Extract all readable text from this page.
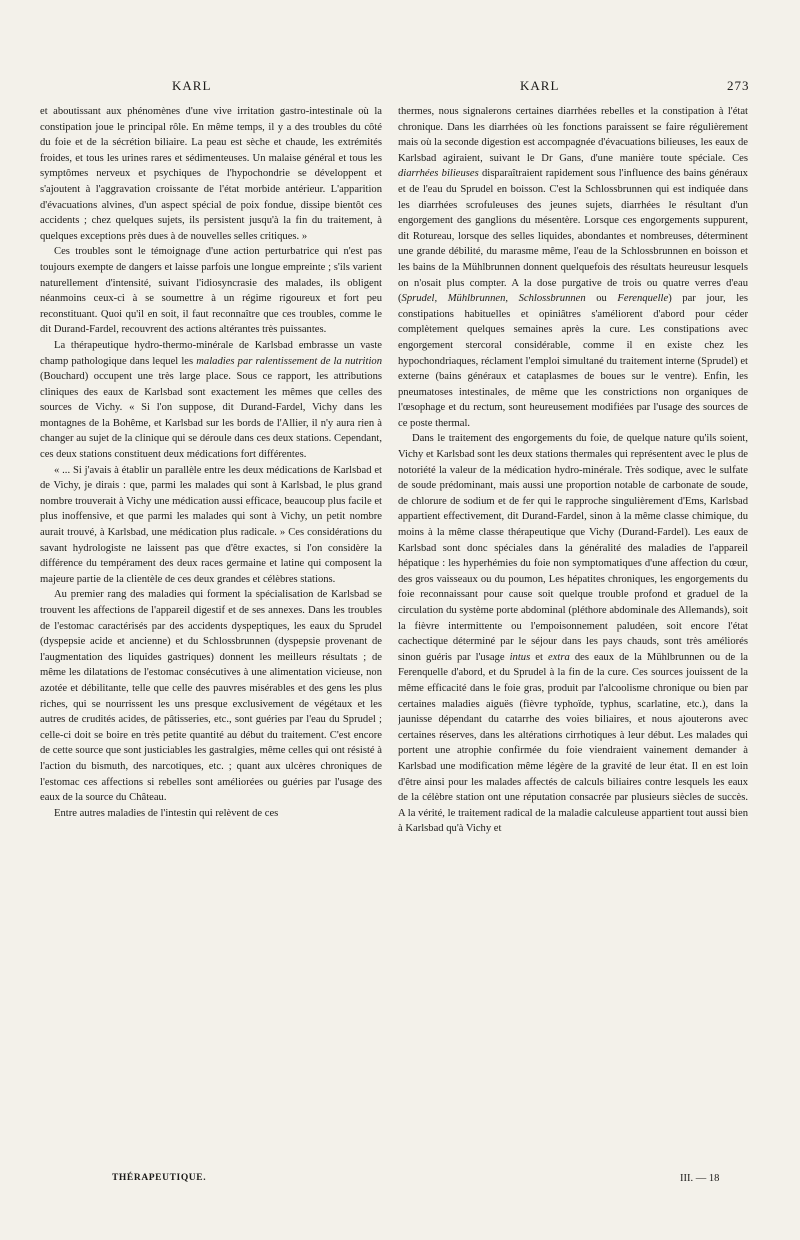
KARL	KARL	273

et aboutissant aux phénomènes d'une vive irritation gastro-intestinale où la constipation joue le principal rôle. En même temps, il y a des troubles du côté du foie et de la sécrétion biliaire. La peau est sèche et chaude, les extrémités froides, et tous les urines rares et sédimenteuses. Un malaise général et tous les symptômes nerveux et psychiques de l'hypochondrie se développent et s'ajoutent à l'aggravation croissante de l'état morbide antérieur. L'apparition d'évacuations alvines, d'un aspect spécial de poix fondue, dissipe bientôt ces accidents ; chez quelques sujets, ils persistent jusqu'à la fin du traitement, à quelques exceptions près dues à de nouvelles selles critiques. »

Ces troubles sont le témoignage d'une action perturbatrice qui n'est pas toujours exempte de dangers et laisse parfois une longue empreinte ; s'ils varient naturellement d'intensité, suivant l'idiosyncrasie des malades, ils obligent néanmoins ceux-ci à se soumettre à un régime rigoureux et fort peu reconstituant. Quoi qu'il en soit, il faut reconnaître que ces troubles, comme le dit Durand-Fardel, recouvrent des actions altérantes très puissantes.

La thérapeutique hydro-thermo-minérale de Karlsbad embrasse un vaste champ pathologique dans lequel les maladies par ralentissement de la nutrition (Bouchard) occupent une très large place. Sous ce rapport, les attributions cliniques des eaux de Karlsbad sont exactement les mêmes que celles des sources de Vichy. « Si l'on suppose, dit Durand-Fardel, Vichy dans les montagnes de la Bohême, et Karlsbad sur les bords de l'Allier, il n'y aura rien à changer au sujet de la clinique qui se déroule dans ces deux stations. Cependant, ces deux stations constituent deux médications fort différentes.

« ... Si j'avais à établir un parallèle entre les deux médications de Karlsbad et de Vichy, je dirais : que, parmi les malades qui sont à Karlsbad, le plus grand nombre trouverait à Vichy une médication aussi efficace, beaucoup plus facile et plus inoffensive, et que parmi les malades qui sont à Vichy, un petit nombre aurait trouvé, à Karlsbad, une médication plus radicale. » Ces considérations du savant hydrologiste ne laissent pas que d'être exactes, si l'on considère la différence du tempérament des deux races germaine et latine qui composent la majeure partie de la clientèle de ces deux grandes et célèbres stations.

Au premier rang des maladies qui forment la spécialisation de Karlsbad se trouvent les affections de l'appareil digestif et de ses annexes. Dans les troubles de l'estomac caractérisés par des accidents dyspeptiques, les eaux du Sprudel (dyspepsie acide et ancienne) et du Schlossbrunnen (dyspepsie provenant de l'augmentation des liquides gastriques) donnent les meilleurs résultats ; de même les dilatations de l'estomac consécutives à une alimentation vicieuse, non azotée et débilitante, telle que celle des pauvres misérables et des gens les plus riches, qui se nourrissent les uns presque exclusivement de végétaux et les autres de crudités acides, de pâtisseries, etc., sont guéries par l'eau du Sprudel ; celle-ci doit se boire en très petite quantité au début du traitement. C'est encore de cette source que sont justiciables les gastralgies, même celles qui ont résisté à l'action du bismuth, des narcotiques, etc. ; quant aux ulcères chroniques de l'estomac ces affections si rebelles sont améliorées ou guéries par l'usage des eaux de la source du Château.

Entre autres maladies de l'intestin qui relèvent de ces

thermes, nous signalerons certaines diarrhées rebelles et la constipation à l'état chronique. Dans les diarrhées où les fonctions paraissent se faire régulièrement mais où la seconde digestion est accompagnée d'évacuations bilieuses, les eaux de Karlsbad agiraient, suivant le Dr Gans, d'une manière toute spéciale. Ces diarrhées bilieuses disparaîtraient rapidement sous l'influence des bains généraux et de l'eau du Sprudel en boisson. C'est la Schlossbrunnen qui est indiquée dans les diarrhées scrofuleuses des jeunes sujets, diarrhées le résultant d'un engorgement des ganglions du mésentère. Lorsque ces engorgements suppurent, dit Rotureau, lorsque des selles liquides, abondantes et nombreuses, déterminent une grande débilité, du marasme même, l'eau de la Schlossbrunnen en boisson et les bains de la Mühlbrunnen donnent quelquefois des résultats heureusur lesquels on n'osait plus compter. A la dose purgative de trois ou quatre verres d'eau (Sprudel, Mühlbrunnen, Schlossbrunnen ou Ferenquelle) par jour, les constipations habituelles et opiniâtres s'améliorent d'abord pour céder complètement quelques semaines après la cure. Les constipations avec engorgement stercoral considérable, comme il en existe chez les hypochondriaques, réclament l'emploi simultané du traitement interne (Sprudel) et externe (bains généraux et cataplasmes de boues sur le ventre). Enfin, les pneumatoses intestinales, de même que les constrictions non organiques de l'œsophage et du rectum, sont heureusement modifiées par l'usage des sources de ce poste thermal.

Dans le traitement des engorgements du foie, de quelque nature qu'ils soient, Vichy et Karlsbad sont les deux stations thermales qui représentent avec le plus de notoriété la valeur de la médication hydro-minérale. Très sodique, avec le sulfate de soude prédominant, mais aussi une proportion notable de carbonate de soude, de chlorure de sodium et de fer qui le rapproche singulièrement d'Ems, Karlsbad appartient effectivement, dit Durand-Fardel, sinon à la même classe chimique, du moins à la même classe thérapeutique que Vichy (Durand-Fardel). Les eaux de Karlsbad sont donc spéciales dans la généralité des maladies de l'appareil hépatique : les hyperhémies du foie non symptomatiques d'une affection du cœur, des gros vaisseaux ou du poumon, Les hépatites chroniques, les engorgements du foie reconnaissant pour cause soit quelque trouble profond et graduel de la circulation du système porte abdominal (pléthore abdominale des Allemands), soit la fièvre intermittente ou l'empoisonnement paludéen, soit encore l'état cachectique déterminé par le séjour dans les pays chauds, sont très améliorés sinon guéris par l'usage intus et extra des eaux de la Mühlbrunnen ou de la Ferenquelle d'abord, et du Sprudel à la fin de la cure. Ces sources jouissent de la même efficacité dans le foie gras, produit par l'alcoolisme chronique ou bien par certaines maladies aiguës (fièvre typhoïde, typhus, scarlatine, etc.), dans la jaunisse dépendant du catarrhe des voies biliaires, et nous ajouterons avec certaines réserves, dans les altérations cirrhotiques à leur début. Les malades qui portent une atrophie confirmée du foie viendraient vainement demander à Karlsbad une modification même légère de la gravité de leur état. Il en est loin d'être ainsi pour les malades affectés de calculs biliaires contre lesquels les eaux de la célèbre station ont une réputation consacrée par plusieurs siècles de succès. A la vérité, le traitement radical de la maladie calculeuse appartient tout aussi bien à Karlsbad qu'à Vichy et

THÉRAPEUTIQUE.	III. — 18
